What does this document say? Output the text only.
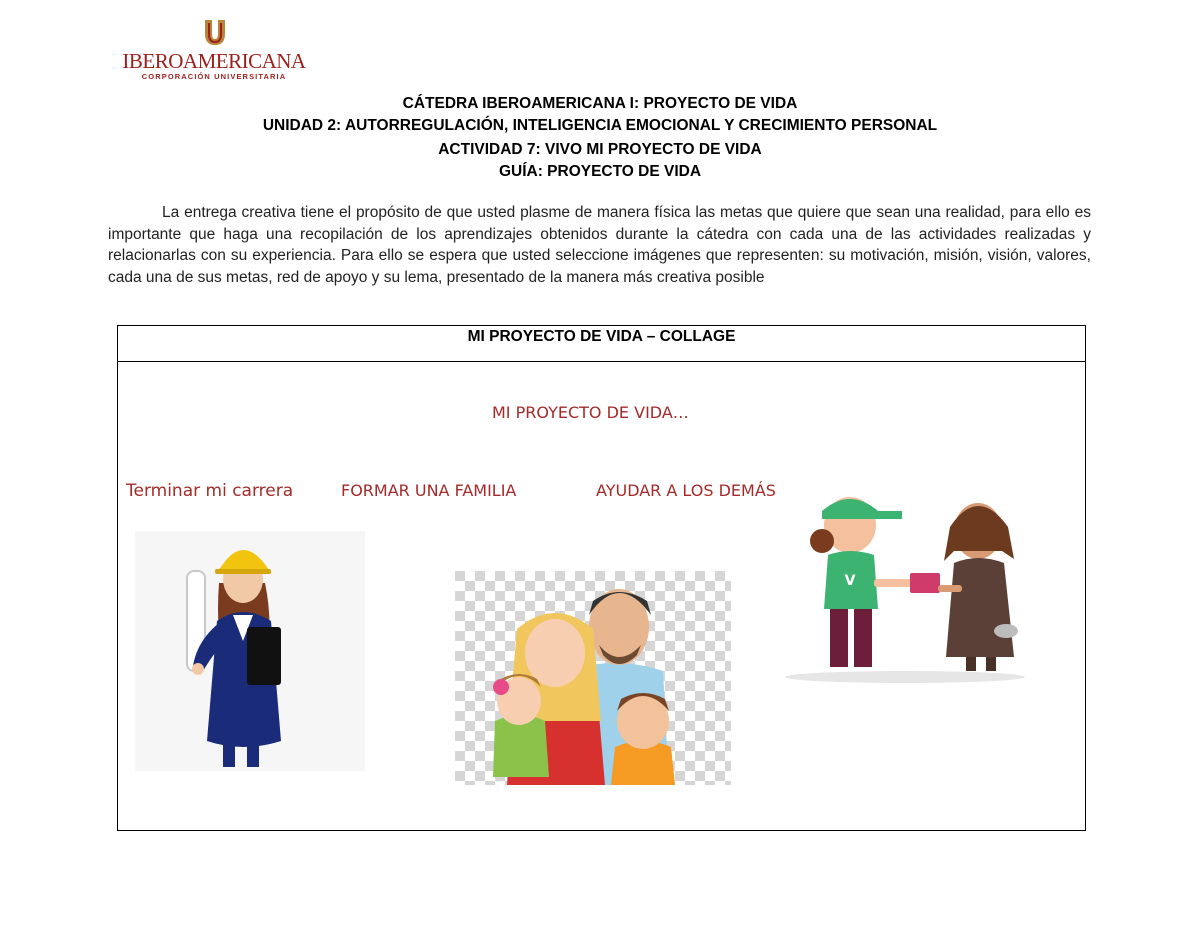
IBEROAMERICANA
CORPORACIÓN UNIVERSITARIA
CÁTEDRA IBEROAMERICANA I: PROYECTO DE VIDA
UNIDAD 2: AUTORREGULACIÓN, INTELIGENCIA EMOCIONAL Y CRECIMIENTO PERSONAL
ACTIVIDAD 7: VIVO MI PROYECTO DE VIDA
GUÍA: PROYECTO DE VIDA

La entrega creativa tiene el propósito de que usted plasme de manera física las metas que quiere que sean una realidad, para ello es importante que haga una recopilación de los aprendizajes obtenidos durante la cátedra con cada una de las actividades realizadas y relacionarlas con su experiencia. Para ello se espera que usted seleccione imágenes que representen: su motivación, misión, visión, valores, cada una de sus metas, red de apoyo y su lema, presentado de la manera más creativa posible

MI PROYECTO DE VIDA – COLLAGE
MI PROYECTO DE VIDA…
Terminar mi carrera	FORMAR UNA FAMILIA	AYUDAR A LOS DEMÁS
V
